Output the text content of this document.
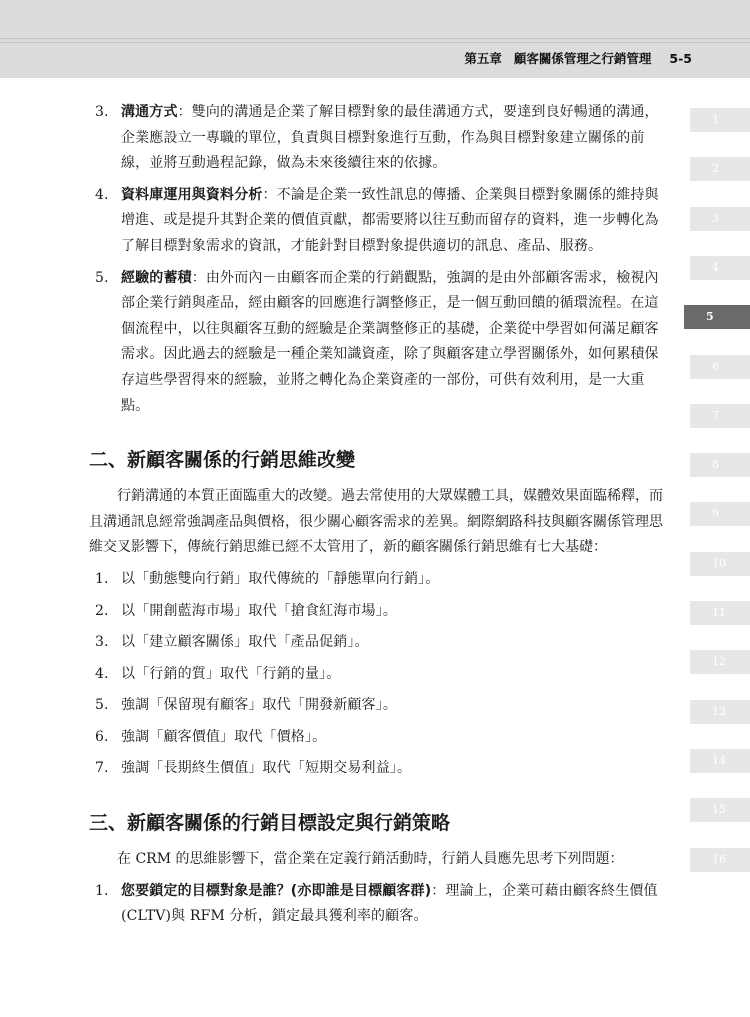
第五章 顧客關係管理之行銷管理 5-5
1
2
3
4
5
6
7
8
9
10
11
12
13
14
15
16
3. 溝通方式：雙向的溝通是企業了解目標對象的最佳溝通方式，要達到良好暢通的溝通，企業應設立一專職的單位，負責與目標對象進行互動，作為與目標對象建立關係的前線，並將互動過程記錄，做為未來後續往來的依據。
4. 資料庫運用與資料分析：不論是企業一致性訊息的傳播、企業與目標對象關係的維持與增進、或是提升其對企業的價值貢獻，都需要將以往互動而留存的資料，進一步轉化為了解目標對象需求的資訊，才能針對目標對象提供適切的訊息、產品、服務。
5. 經驗的蓄積：由外而內－由顧客而企業的行銷觀點，強調的是由外部顧客需求，檢視內部企業行銷與產品，經由顧客的回應進行調整修正，是一個互動回饋的循環流程。在這個流程中，以往與顧客互動的經驗是企業調整修正的基礎，企業從中學習如何滿足顧客需求。因此過去的經驗是一種企業知識資產，除了與顧客建立學習關係外，如何累積保存這些學習得來的經驗，並將之轉化為企業資產的一部份，可供有效利用，是一大重點。
二、新顧客關係的行銷思維改變

行銷溝通的本質正面臨重大的改變。過去常使用的大眾媒體工具，媒體效果面臨稀釋，而且溝通訊息經常強調產品與價格，很少關心顧客需求的差異。網際網路科技與顧客關係管理思維交叉影響下，傳統行銷思維已經不太管用了，新的顧客關係行銷思維有七大基礎：

1. 以「動態雙向行銷」取代傳統的「靜態單向行銷」。
2. 以「開創藍海市場」取代「搶食紅海市場」。
3. 以「建立顧客關係」取代「產品促銷」。
4. 以「行銷的質」取代「行銷的量」。
5. 強調「保留現有顧客」取代「開發新顧客」。
6. 強調「顧客價值」取代「價格」。
7. 強調「長期終生價值」取代「短期交易利益」。
三、新顧客關係的行銷目標設定與行銷策略

在 CRM 的思維影響下，當企業在定義行銷活動時，行銷人員應先思考下列問題：

1. 您要鎖定的目標對象是誰？(亦即誰是目標顧客群)：理論上，企業可藉由顧客終生價值(CLTV)與 RFM 分析，鎖定最具獲利率的顧客。
